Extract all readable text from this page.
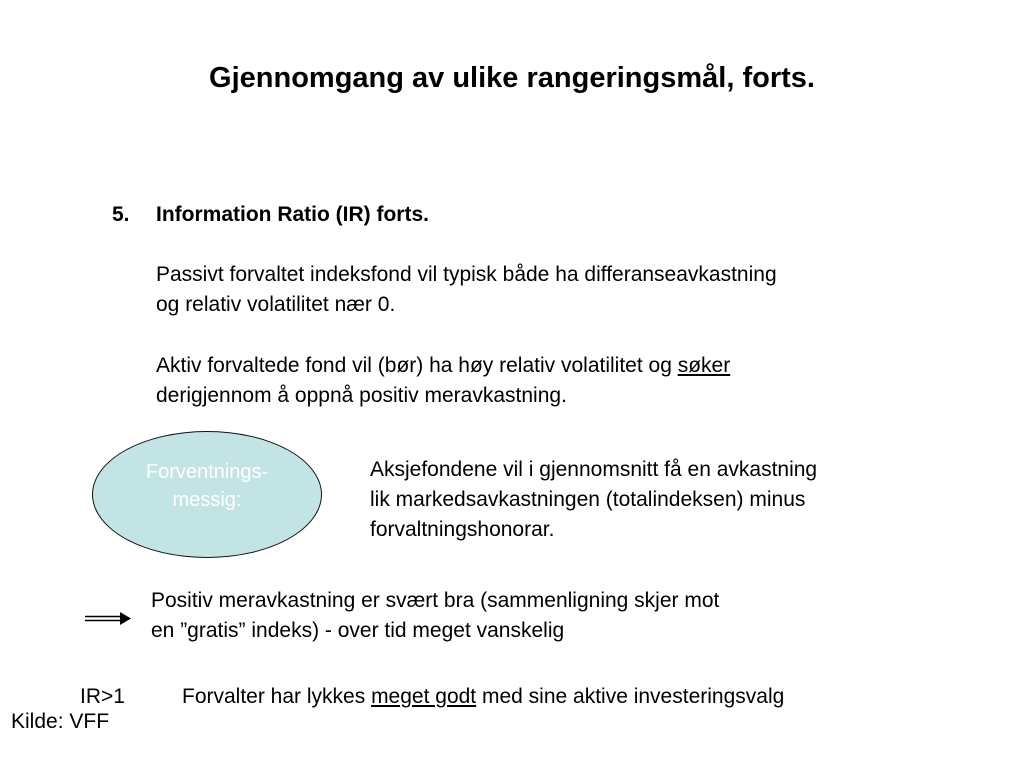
Gjennomgang av ulike rangeringsmål, forts.
5. Information Ratio (IR) forts.
Passivt forvaltet indeksfond vil typisk både ha differanseavkastning
og relativ volatilitet nær 0.
Aktiv forvaltede fond vil (bør) ha høy relativ volatilitet og søker
derigjennom å oppnå positiv meravkastning.
Forventnings-
messig:
Aksjefondene vil i gjennomsnitt få en avkastning
lik markedsavkastningen (totalindeksen) minus
forvaltningshonorar.
Positiv meravkastning er svært bra (sammenligning skjer mot
en ”gratis” indeks) - over tid meget vanskelig
IR>1	Forvalter har lykkes meget godt med sine aktive investeringsvalg
Kilde: VFF
